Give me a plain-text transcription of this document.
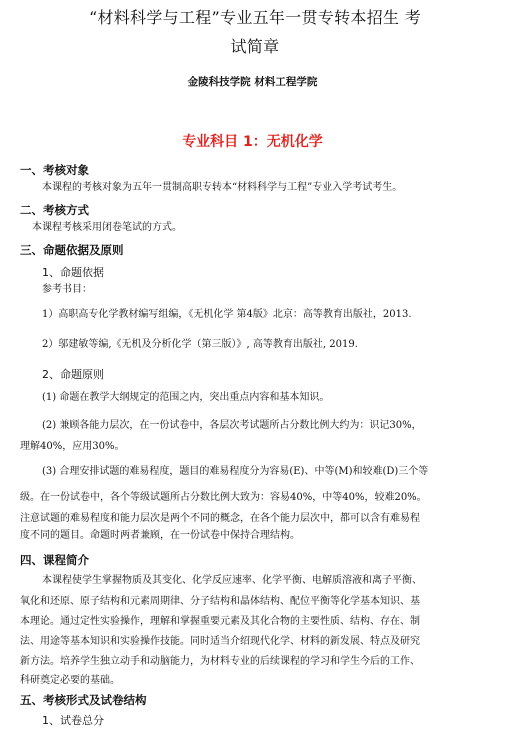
“材料科学与工程”专业五年一贯专转本招生 考
试简章
金陵科技学院 材料工程学院
专业科目 1：无机化学
一、考核对象
本课程的考核对象为五年一贯制高职专转本“材料科学与工程”专业入学考试考生。
二、考核方式
本课程考核采用闭卷笔试的方式。
三、命题依据及原则
1、命题依据
参考书目：
1）高职高专化学教材编写组编，《无机化学 第4版》北京：高等教育出版社，2013.
2）邬建敏等编,《无机及分析化学（第三版）》, 高等教育出版社, 2019.
2、命题原则
(1) 命题在教学大纲规定的范围之内，突出重点内容和基本知识。
(2) 兼顾各能力层次，在一份试卷中，各层次考试题所占分数比例大约为：识记30%，
理解40%，应用30%。
(3) 合理安排试题的难易程度，题目的难易程度分为容易(E)、中等(M)和较难(D)三个等
级。在一份试卷中，各个等级试题所占分数比例大致为：容易40%，中等40%，较难20%。
注意试题的难易程度和能力层次是两个不同的概念，在各个能力层次中，都可以含有难易程
度不同的题目。命题时两者兼顾，在一份试卷中保持合理结构。
四、课程简介
本课程使学生掌握物质及其变化、化学反应速率、化学平衡、电解质溶液和离子平衡、
氧化和还原、原子结构和元素周期律、分子结构和晶体结构、配位平衡等化学基本知识、基
本理论。通过定性实验操作，理解和掌握重要元素及其化合物的主要性质、结构、存在、制
法、用途等基本知识和实验操作技能。同时适当介绍现代化学、材料的新发展、特点及研究
新方法。培养学生独立动手和动脑能力，为材料专业的后续课程的学习和学生今后的工作、
科研奠定必要的基础。
五、考核形式及试卷结构
1、试卷总分
